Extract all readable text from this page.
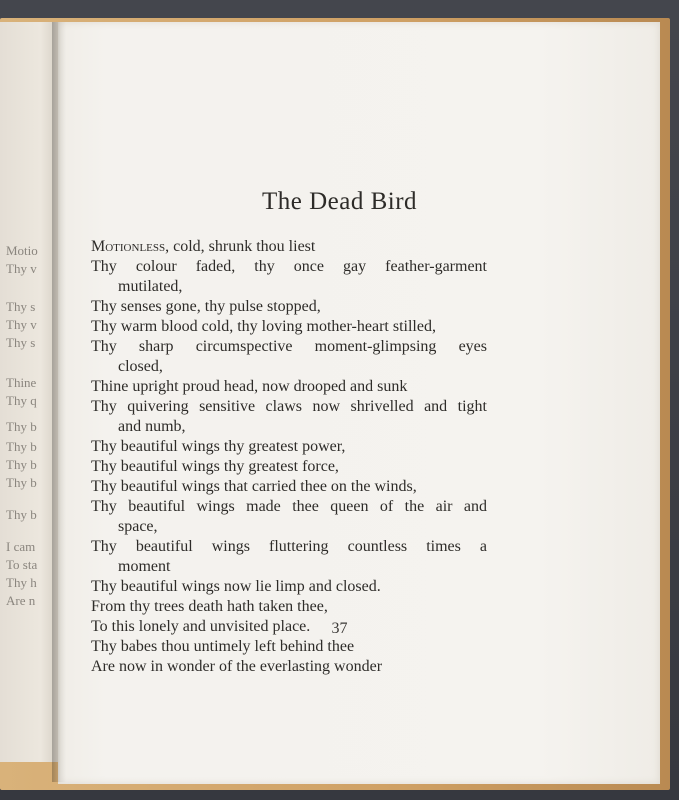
Motio
Thy v
Thy s
Thy v
Thy s
Thine
Thy q
Thy b
Thy b
Thy b
Thy b
Thy b
I cam
To sta
Thy h
Are n
The Dead Bird
Motionless, cold, shrunk thou liest
Thy colour faded, thy once gay feather-garment
mutilated,
Thy senses gone, thy pulse stopped,
Thy warm blood cold, thy loving mother-heart stilled,
Thy sharp circumspective moment-glimpsing eyes
closed,
Thine upright proud head, now drooped and sunk
Thy quivering sensitive claws now shrivelled and tight
and numb,
Thy beautiful wings thy greatest power,
Thy beautiful wings thy greatest force,
Thy beautiful wings that carried thee on the winds,
Thy beautiful wings made thee queen of the air and
space,
Thy beautiful wings fluttering countless times a
moment
Thy beautiful wings now lie limp and closed.
From thy trees death hath taken thee,
To this lonely and unvisited place.
Thy babes thou untimely left behind thee
Are now in wonder of the everlasting wonder
37
